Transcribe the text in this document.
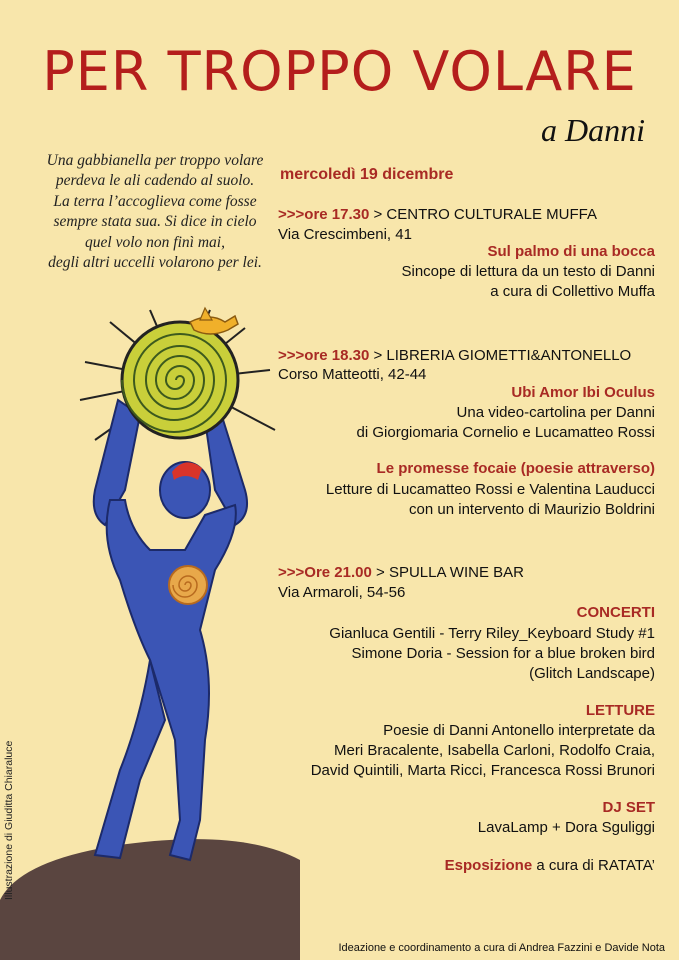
PER TROPPO VOLARE
a Danni
Una gabbianella per troppo volare
perdeva le ali cadendo al suolo.
La terra l’accoglieva come fosse
sempre stata sua. Si dice in cielo
quel volo non finì mai,
degli altri uccelli volarono per lei.
mercoledì 19 dicembre
>>>ore 17.30 > CENTRO CULTURALE MUFFA
Via Crescimbeni, 41
Sul palmo di una bocca
Sincope di lettura da un testo di Danni
a cura di Collettivo Muffa
>>>ore 18.30 > LIBRERIA GIOMETTI&ANTONELLO
Corso Matteotti, 42-44
Ubi Amor Ibi Oculus
Una video-cartolina per Danni
di Giorgiomaria Cornelio e Lucamatteo Rossi
Le promesse focaie (poesie attraverso)
Letture di Lucamatteo Rossi e Valentina Lauducci
con un intervento di Maurizio Boldrini
>>>Ore 21.00 > SPULLA WINE BAR
Via Armaroli, 54-56
CONCERTI
Gianluca Gentili - Terry Riley_Keyboard Study #1
Simone Doria - Session for a blue broken bird
(Glitch Landscape)
LETTURE
Poesie di Danni Antonello interpretate da
Meri Bracalente, Isabella Carloni, Rodolfo Craia,
David Quintili, Marta Ricci, Francesca Rossi Brunori
DJ SET
LavaLamp + Dora Sguliggi
Esposizione a cura di RATATA’
Illustrazione di Giuditta Chiaraluce
Ideazione e coordinamento a cura di Andrea Fazzini e Davide Nota
